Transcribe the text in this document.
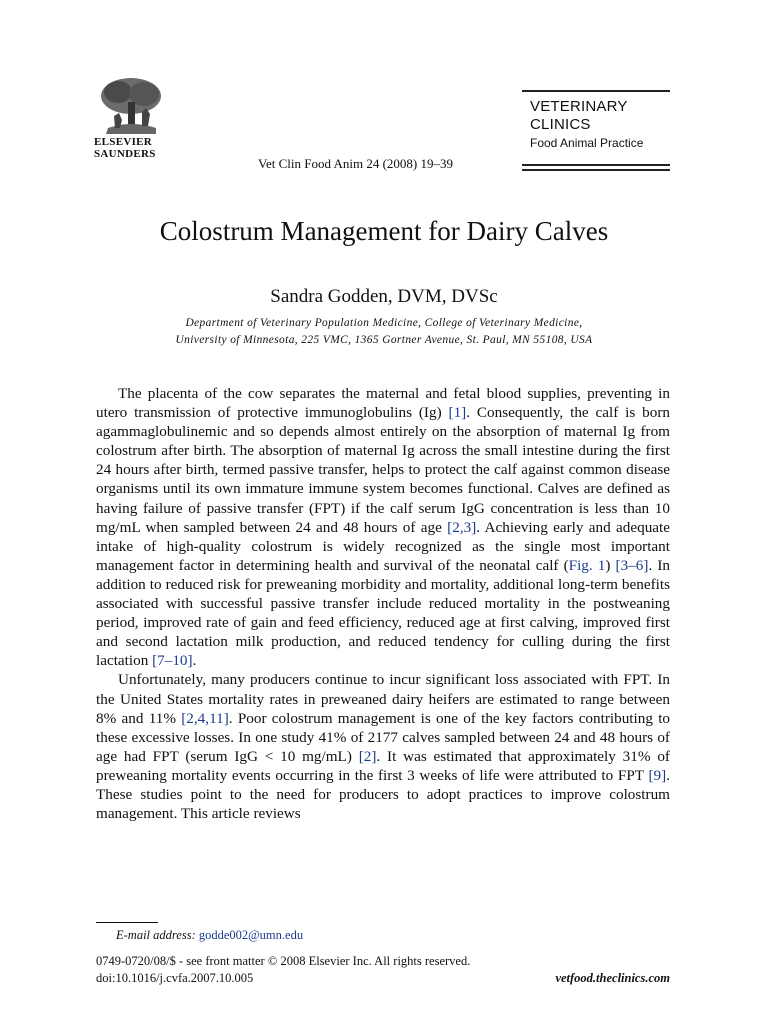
ELSEVIER
SAUNDERS
Vet Clin Food Anim 24 (2008) 19–39
VETERINARY
CLINICS
Food Animal Practice
Colostrum Management for Dairy Calves
Sandra Godden, DVM, DVSc
Department of Veterinary Population Medicine, College of Veterinary Medicine,
University of Minnesota, 225 VMC, 1365 Gortner Avenue, St. Paul, MN 55108, USA

The placenta of the cow separates the maternal and fetal blood supplies, preventing in utero transmission of protective immunoglobulins (Ig) [1]. Consequently, the calf is born agammaglobulinemic and so depends almost entirely on the absorption of maternal Ig from colostrum after birth. The absorption of maternal Ig across the small intestine during the first 24 hours after birth, termed passive transfer, helps to protect the calf against common disease organisms until its own immature immune system becomes functional. Calves are defined as having failure of passive transfer (FPT) if the calf serum IgG concentration is less than 10 mg/mL when sampled between 24 and 48 hours of age [2,3]. Achieving early and adequate intake of high-quality colostrum is widely recognized as the single most important management factor in determining health and survival of the neonatal calf (Fig. 1) [3–6]. In addition to reduced risk for preweaning morbidity and mortality, additional long-term benefits associated with successful passive transfer include reduced mortality in the postweaning period, improved rate of gain and feed efficiency, reduced age at first calving, improved first and second lactation milk production, and reduced tendency for culling during the first lactation [7–10].

Unfortunately, many producers continue to incur significant loss associated with FPT. In the United States mortality rates in preweaned dairy heifers are estimated to range between 8% and 11% [2,4,11]. Poor colostrum management is one of the key factors contributing to these excessive losses. In one study 41% of 2177 calves sampled between 24 and 48 hours of age had FPT (serum IgG < 10 mg/mL) [2]. It was estimated that approximately 31% of preweaning mortality events occurring in the first 3 weeks of life were attributed to FPT [9]. These studies point to the need for producers to adopt practices to improve colostrum management. This article reviews

E-mail address: godde002@umn.edu
0749-0720/08/$ - see front matter © 2008 Elsevier Inc. All rights reserved.
doi:10.1016/j.cvfa.2007.10.005	vetfood.theclinics.com
